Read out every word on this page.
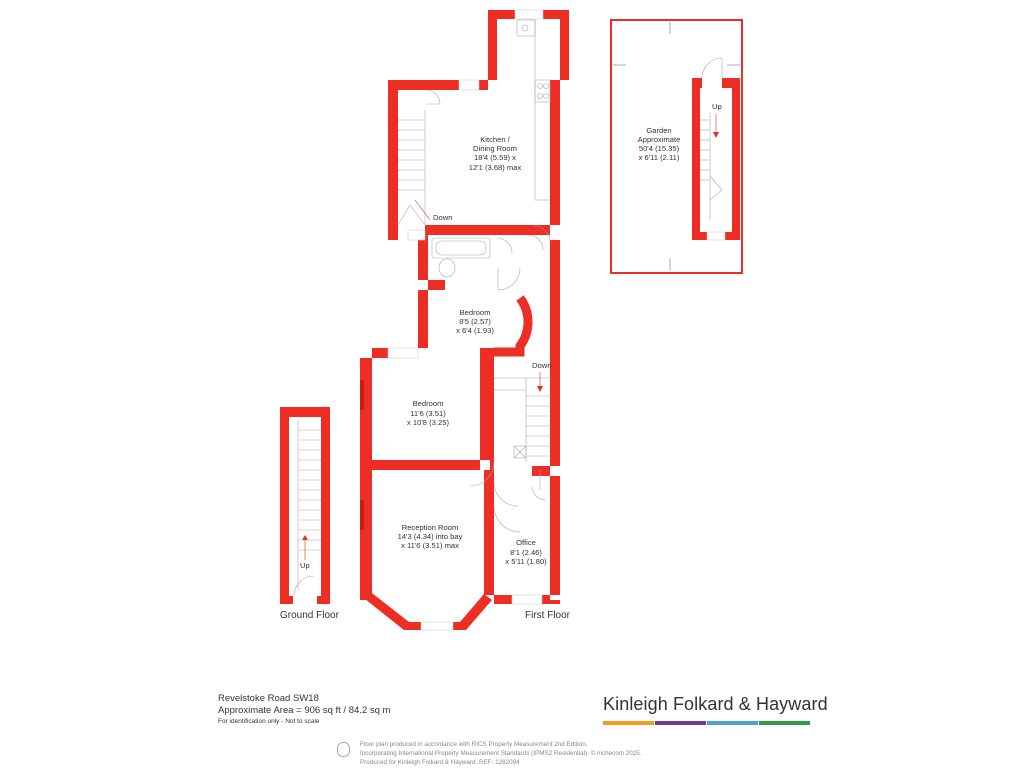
Up
Ground Floor
Down
Down
Kitchen /
Dining Room
18'4 (5.59) x
12'1 (3.68) max
Bedroom
8'5 (2.57)
x 6'4 (1.93)
Bedroom
11'6 (3.51)
x 10'8 (3.25)
Reception Room
14'3 (4.34) into bay
x 11'6 (3.51) max	Office
8'1 (2.46)
x 5'11 (1.80)
First Floor
Up
Garden
Approximate
50'4 (15.35)
x 6'11 (2.11)
Revelstoke Road SW18
Approximate Area = 906 sq ft / 84.2 sq m
For identification only - Not to scale
Kinleigh Folkard & Hayward
Floor plan produced in accordance with RICS Property Measurement 2nd Edition,
Incorporating International Property Measurement Standards (IPMS2 Residential). © nichecom 2025.
Produced for Kinleigh Folkard & Hayward. REF: 1282094
